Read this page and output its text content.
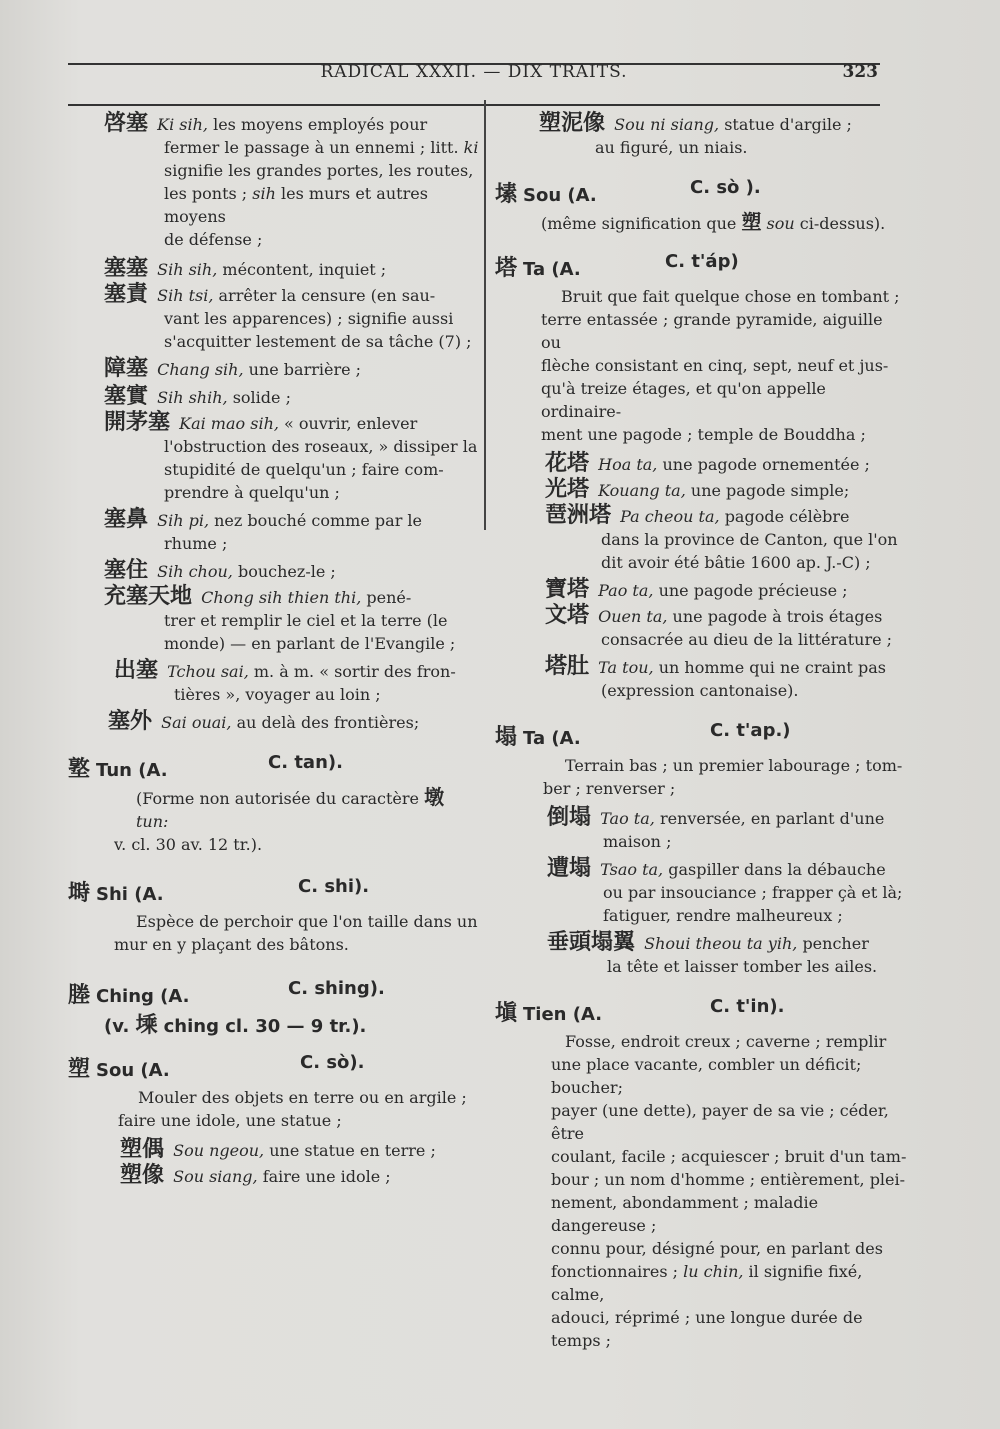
RADICAL XXXII. — DIX TRAITS.	323
啓塞 Ki sih, les moyens employés pour
fermer le passage à un ennemi ; litt. ki
signifie les grandes portes, les routes,
les ponts ; sih les murs et autres moyens
de défense ;
塞塞 Sih sih, mécontent, inquiet ;
塞責 Sih tsi, arrêter la censure (en sau-
vant les apparences) ; signifie aussi
s'acquitter lestement de sa tâche (7) ;
障塞 Chang sih, une barrière ;
塞實 Sih shih, solide ;
開茅塞 Kai mao sih, « ouvrir, enlever
l'obstruction des roseaux, » dissiper la
stupidité de quelqu'un ; faire com-
prendre à quelqu'un ;
塞鼻 Sih pi, nez bouché comme par le
rhume ;
塞住 Sih chou, bouchez-le ;
充塞天地 Chong sih thien thi, pené-
trer et remplir le ciel et la terre (le
monde) — en parlant de l'Evangile ;
出塞 Tchou sai, m. à m. « sortir des fron-
tières », voyager au loin ;
塞外 Sai ouai, au delà des frontières;
墪 Tun (A.	C. tan).
(Forme non autorisée du caractère 墩 tun:
v. cl. 30 av. 12 tr.).
塒 Shi (A.	C. shi).
Espèce de perchoir que l'on taille dans un
mur en y plaçant des bâtons.
塍 Ching (A.	C. shing).
(v. 塖 ching cl. 30 — 9 tr.).
塑 Sou (A.	C. sò).
Mouler des objets en terre ou en argile ;
faire une idole, une statue ;
塑偶 Sou ngeou, une statue en terre ;
塑像 Sou siang, faire une idole ;
塑泥像 Sou ni siang, statue d'argile ;
au figuré, un niais.
塐 Sou (A.	C. sò ).
(même signification que 塑 sou ci-dessus).
塔 Ta (A.	C. t'áp)
Bruit que fait quelque chose en tombant ;
terre entassée ; grande pyramide, aiguille ou
flèche consistant en cinq, sept, neuf et jus-
qu'à treize étages, et qu'on appelle ordinaire-
ment une pagode ; temple de Bouddha ;
花塔 Hoa ta, une pagode ornementée ;
光塔 Kouang ta, une pagode simple;
琶洲塔 Pa cheou ta, pagode célèbre
dans la province de Canton, que l'on
dit avoir été bâtie 1600 ap. J.-C) ;
寶塔 Pao ta, une pagode précieuse ;
文塔 Ouen ta, une pagode à trois étages
consacrée au dieu de la littérature ;
塔肚 Ta tou, un homme qui ne craint pas
(expression cantonaise).
塌 Ta (A.	C. t'ap.)
Terrain bas ; un premier labourage ; tom-
ber ; renverser ;
倒塌 Tao ta, renversée, en parlant d'une
maison ;
遭塌 Tsao ta, gaspiller dans la débauche
ou par insouciance ; frapper çà et là;
fatiguer, rendre malheureux ;
垂頭塌翼 Shoui theou ta yih, pencher
la tête et laisser tomber les ailes.
塡 Tien (A.	C. t'in).
Fosse, endroit creux ; caverne ; remplir
une place vacante, combler un déficit; boucher;
payer (une dette), payer de sa vie ; céder, être
coulant, facile ; acquiescer ; bruit d'un tam-
bour ; un nom d'homme ; entièrement, plei-
nement, abondamment ; maladie dangereuse ;
connu pour, désigné pour, en parlant des
fonctionnaires ; lu chin, il signifie fixé, calme,
adouci, réprimé ; une longue durée de temps ;
